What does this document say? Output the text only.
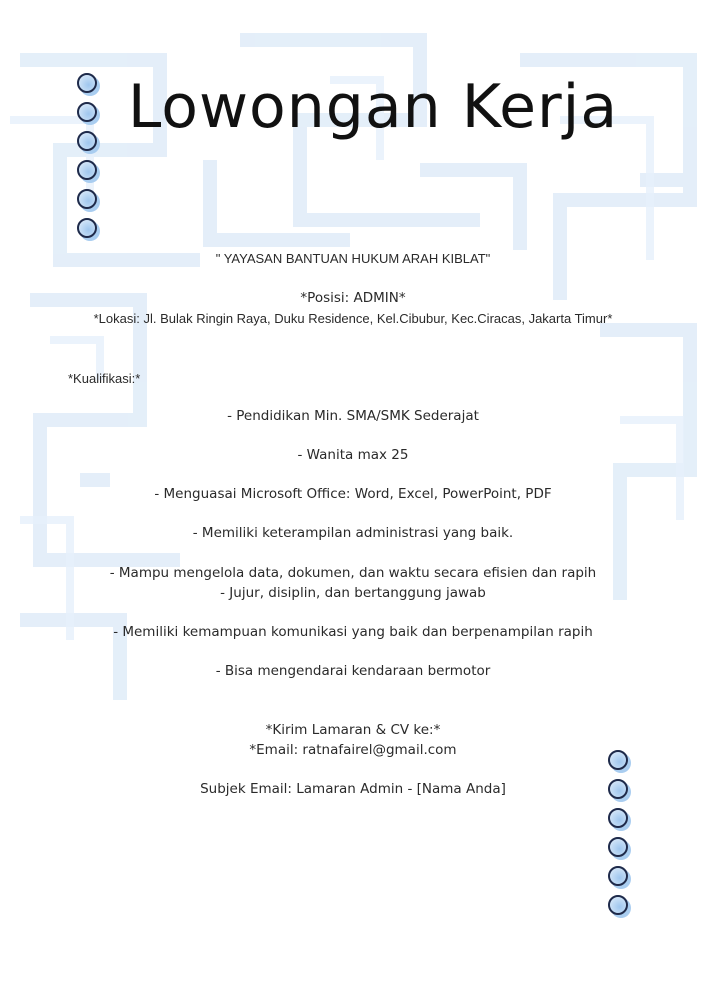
Lowongan Kerja
" YAYASAN BANTUAN HUKUM ARAH KIBLAT"
*Posisi: ADMIN*
*Lokasi: Jl. Bulak Ringin Raya, Duku Residence, Kel.Cibubur, Kec.Ciracas, Jakarta Timur*
*Kualifikasi:*
- Pendidikan Min. SMA/SMK Sederajat
- Wanita max 25
- Menguasai Microsoft Office: Word, Excel, PowerPoint, PDF
- Memiliki keterampilan administrasi yang baik.
- Mampu mengelola data, dokumen, dan waktu secara efisien dan rapih
- Jujur, disiplin, dan bertanggung jawab
- Memiliki kemampuan komunikasi yang baik dan berpenampilan rapih
- Bisa mengendarai kendaraan bermotor
*Kirim Lamaran & CV ke:*
*Email: ratnafairel@gmail.com
Subjek Email: Lamaran Admin - [Nama Anda]
